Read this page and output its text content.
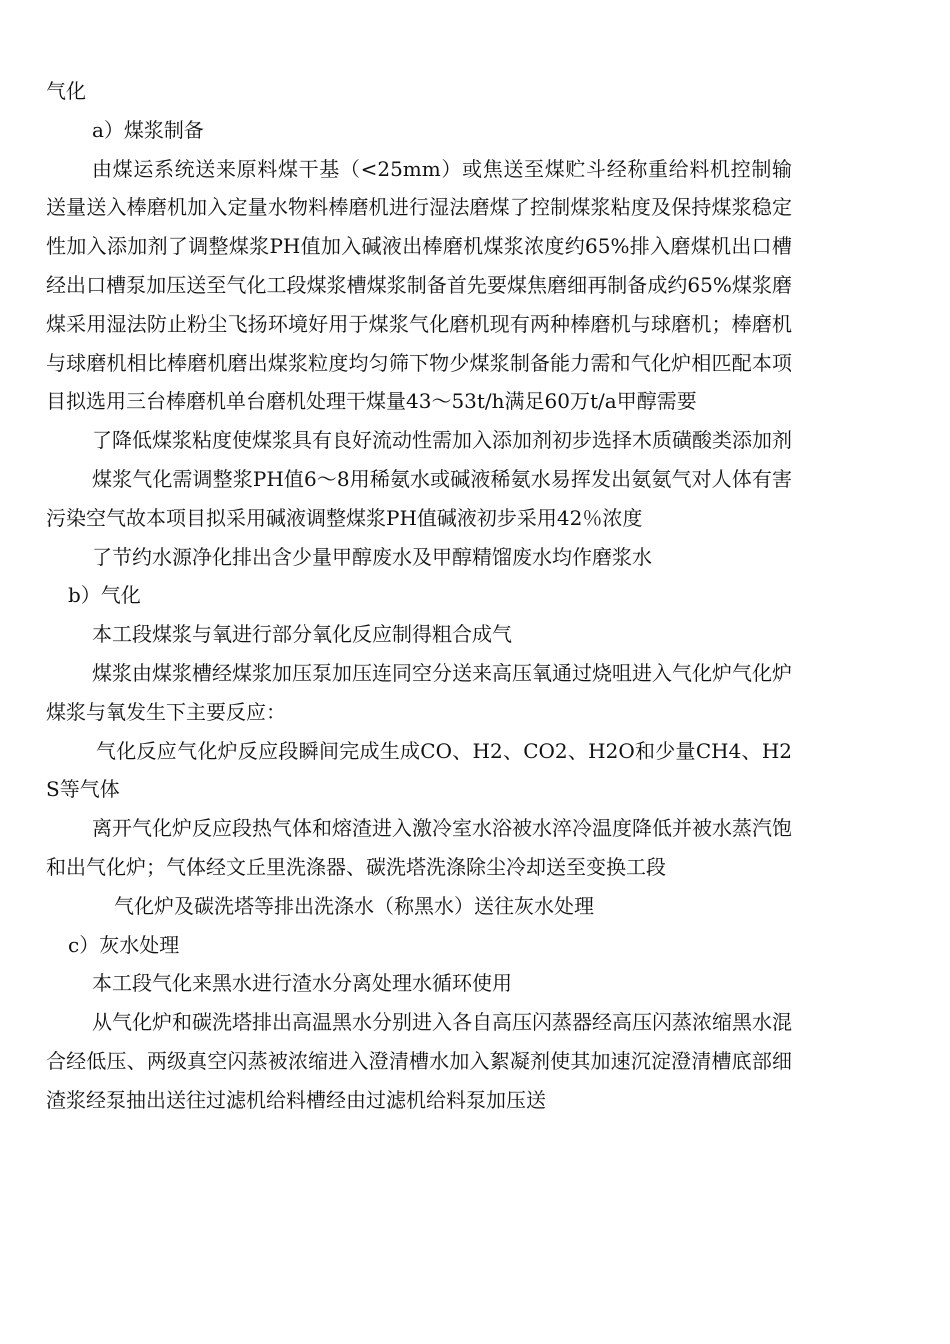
气化

a）煤浆制备

由煤运系统送来原料煤干基（<25mm）或焦送至煤贮斗经称重给料机控制输送量送入棒磨机加入定量水物料棒磨机进行湿法磨煤了控制煤浆粘度及保持煤浆稳定性加入添加剂了调整煤浆PH值加入碱液出棒磨机煤浆浓度约65%排入磨煤机出口槽经出口槽泵加压送至气化工段煤浆槽煤浆制备首先要煤焦磨细再制备成约65%煤浆磨煤采用湿法防止粉尘飞扬环境好用于煤浆气化磨机现有两种棒磨机与球磨机；棒磨机与球磨机相比棒磨机磨出煤浆粒度均匀筛下物少煤浆制备能力需和气化炉相匹配本项目拟选用三台棒磨机单台磨机处理干煤量43～53t/h满足60万t/a甲醇需要

了降低煤浆粘度使煤浆具有良好流动性需加入添加剂初步选择木质磺酸类添加剂

煤浆气化需调整浆PH值6～8用稀氨水或碱液稀氨水易挥发出氨氨气对人体有害污染空气故本项目拟采用碱液调整煤浆PH值碱液初步采用42％浓度

了节约水源净化排出含少量甲醇废水及甲醇精馏废水均作磨浆水

b）气化

本工段煤浆与氧进行部分氧化反应制得粗合成气

煤浆由煤浆槽经煤浆加压泵加压连同空分送来高压氧通过烧咀进入气化炉气化炉煤浆与氧发生下主要反应：

气化反应气化炉反应段瞬间完成生成CO、H2、CO2、H2O和少量CH4、H2S等气体

离开气化炉反应段热气体和熔渣进入激冷室水浴被水淬冷温度降低并被水蒸汽饱和出气化炉；气体经文丘里洗涤器、碳洗塔洗涤除尘冷却送至变换工段

气化炉及碳洗塔等排出洗涤水（称黑水）送往灰水处理

c）灰水处理

本工段气化来黑水进行渣水分离处理水循环使用

从气化炉和碳洗塔排出高温黑水分别进入各自高压闪蒸器经高压闪蒸浓缩黑水混合经低压、两级真空闪蒸被浓缩进入澄清槽水加入絮凝剂使其加速沉淀澄清槽底部细渣浆经泵抽出送往过滤机给料槽经由过滤机给料泵加压送
